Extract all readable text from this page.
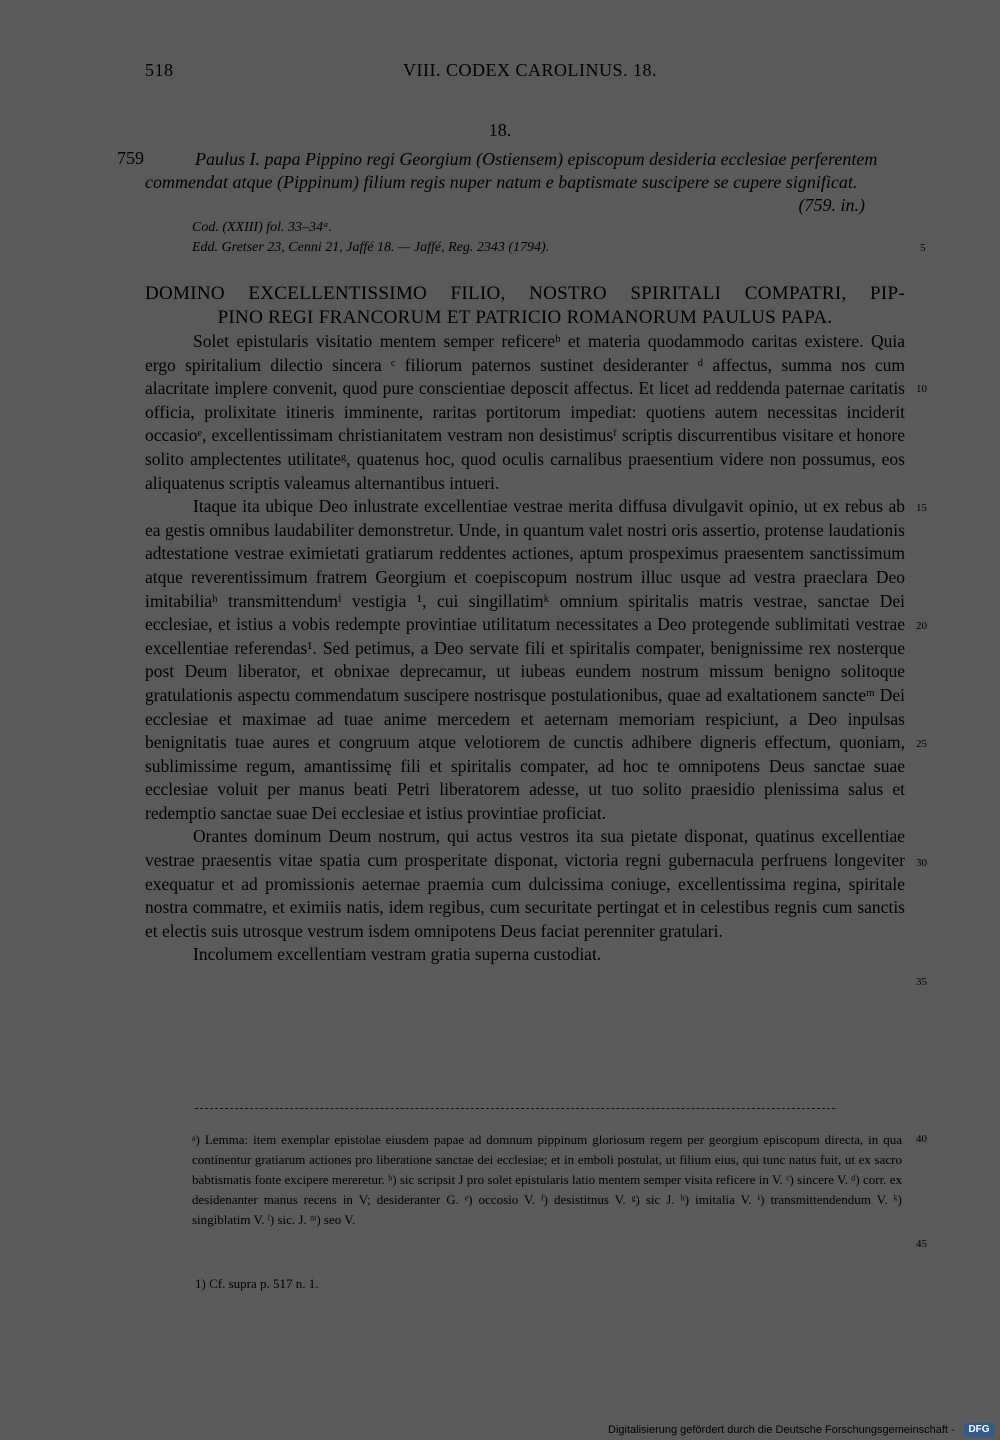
518	VIII. CODEX CAROLINUS. 18.
18.
759	Paulus I. papa Pippino regi Georgium (Ostiensem) episcopum desideria ecclesiae perferentem commendat atque (Pippinum) filium regis nuper natum e baptismate suscipere se cupere significat.
(759. in.)
Cod. (XXIII) fol. 33–34ᵃ.
Edd. Gretser 23, Cenni 21, Jaffé 18. — Jaffé, Reg. 2343 (1794).	5
10
15
20
25
30
35
40
45
DOMINO EXCELLENTISSIMO FILIO, NOSTRO SPIRITALI COMPATRI, PIP-
PINO REGI FRANCORUM ET PATRICIO ROMANORUM PAULUS PAPA.

Solet epistularis visitatio mentem semper reficereᵇ et materia quodammodo caritas existere. Quia ergo spiritalium dilectio sincera ᶜ filiorum paternos sustinet desideranter ᵈ affectus, summa nos cum alacritate implere convenit, quod pure conscientiae deposcit affectus. Et licet ad reddenda paternae caritatis officia, prolixitate itineris imminente, raritas portitorum impediat: quotiens autem necessitas inciderit occasioᵉ, excellentissimam christianitatem vestram non desistimusᶠ scriptis discurrentibus visitare et honore solito amplectentes utilitateᵍ, quatenus hoc, quod oculis carnalibus praesentium videre non possumus, eos aliquatenus scriptis valeamus alternantibus intueri.

Itaque ita ubique Deo inlustrate excellentiae vestrae merita diffusa divulgavit opinio, ut ex rebus ab ea gestis omnibus laudabiliter demonstretur. Unde, in quantum valet nostri oris assertio, protense laudationis adtestatione vestrae eximietati gratiarum reddentes actiones, aptum prospeximus praesentem sanctissimum atque reverentissimum fratrem Georgium et coepiscopum nostrum illuc usque ad vestra praeclara Deo imitabiliaʰ transmittendumⁱ vestigia ¹, cui singillatimᵏ omnium spiritalis matris vestrae, sanctae Dei ecclesiae, et istius a vobis redempte provintiae utilitatum necessitates a Deo protegende sublimitati vestrae excellentiae referendas¹. Sed petimus, a Deo servate fili et spiritalis compater, benignissime rex nosterque post Deum liberator, et obnixae deprecamur, ut iubeas eundem nostrum missum benigno solitoque gratulationis aspectu commendatum suscipere nostrisque postulationibus, quae ad exaltationem sancteᵐ Dei ecclesiae et maximae ad tuae anime mercedem et aeternam memoriam respiciunt, a Deo inpulsas benignitatis tuae aures et congruum atque velotiorem de cunctis adhibere digneris effectum, quoniam, sublimissime regum, amantissimę fili et spiritalis compater, ad hoc te omnipotens Deus sanctae suae ecclesiae voluit per manus beati Petri liberatorem adesse, ut tuo solito praesidio plenissima salus et redemptio sanctae suae Dei ecclesiae et istius provintiae proficiat.

Orantes dominum Deum nostrum, qui actus vestros ita sua pietate disponat, quatinus excellentiae vestrae praesentis vitae spatia cum prosperitate disponat, victoria regni gubernacula perfruens longeviter exequatur et ad promissionis aeternae praemia cum dulcissima coniuge, excellentissima regina, spiritale nostra commatre, et eximiis natis, idem regibus, cum securitate pertingat et in celestibus regnis cum sanctis et electis suis utrosque vestrum isdem omnipotens Deus faciat perenniter gratulari.

Incolumem excellentiam vestram gratia superna custodiat.

ᵃ) Lemma: item exemplar epistolae eiusdem papae ad domnum pippinum gloriosum regem per georgium episcopum directa, in qua continentur gratiarum actiones pro liberatione sanctae dei ecclesiae; et in emboli postulat, ut filium eius, qui tunc natus fuit, ut ex sacro babtismatis fonte excipere mereretur. ᵇ) sic scripsit J pro solet epistularis latio mentem semper visita reficere in V. ᶜ) sincere V. ᵈ) corr. ex desidenanter manus recens in V; desideranter G. ᵉ) occosio V. ᶠ) desistitnus V. ᵍ) sic J. ʰ) imitalia V. ⁱ) transmittendendum V. ᵏ) singiblatim V. ˡ) sic. J. ᵐ) seo V.
1) Cf. supra p. 517 n. 1.
Digitalisierung gefördert durch die Deutsche Forschungsgemeinschaft -	DFG
